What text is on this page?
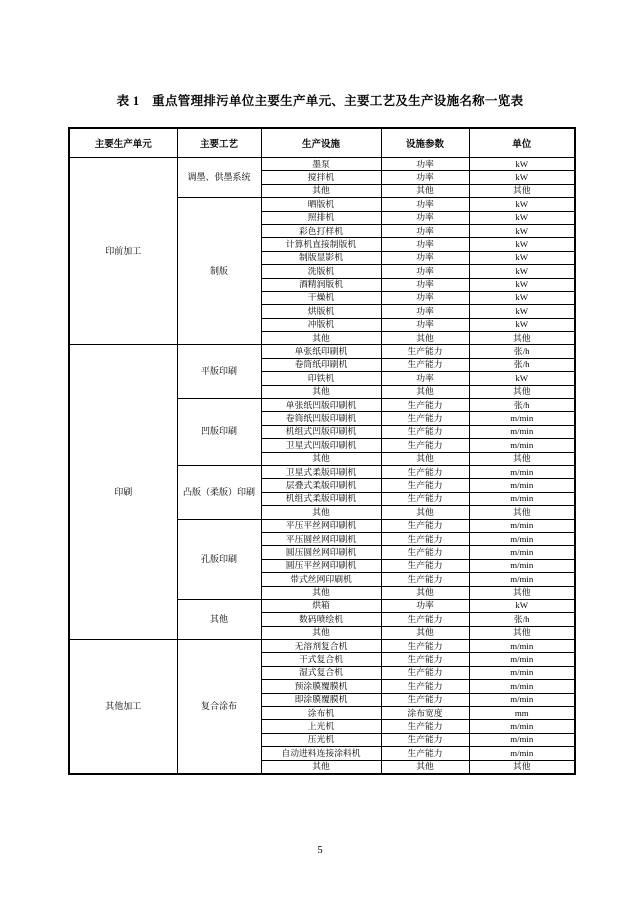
表 1　重点管理排污单位主要生产单元、主要工艺及生产设施名称一览表
主要生产单元	主要工艺	生产设施	设施参数	单位
印前加工	调墨、供墨系统	墨泵	功率	kW
		搅拌机	功率	kW
		其他	其他	其他
	制版	晒版机	功率	kW
		照排机	功率	kW
		彩色打样机	功率	kW
		计算机直接制版机	功率	kW
		制版显影机	功率	kW
		洗版机	功率	kW
		酒精润版机	功率	kW
		干燥机	功率	kW
		烘版机	功率	kW
		冲版机	功率	kW
		其他	其他	其他
印刷	平版印刷	单张纸印刷机	生产能力	张/h
		卷筒纸印刷机	生产能力	张/h
		印铁机	功率	kW
		其他	其他	其他
	凹版印刷	单张纸凹版印刷机	生产能力	张/h
		卷筒纸凹版印刷机	生产能力	m/min
		机组式凹版印刷机	生产能力	m/min
		卫星式凹版印刷机	生产能力	m/min
		其他	其他	其他
	凸版（柔版）印刷	卫星式柔版印刷机	生产能力	m/min
		层叠式柔版印刷机	生产能力	m/min
		机组式柔版印刷机	生产能力	m/min
		其他	其他	其他
	孔版印刷	平压平丝网印刷机	生产能力	m/min
		平压圆丝网印刷机	生产能力	m/min
		圆压圆丝网印刷机	生产能力	m/min
		圆压平丝网印刷机	生产能力	m/min
		带式丝网印刷机	生产能力	m/min
		其他	其他	其他
	其他	烘箱	功率	kW
		数码喷绘机	生产能力	张/h
		其他	其他	其他
其他加工	复合涂布	无溶剂复合机	生产能力	m/min
		干式复合机	生产能力	m/min
		湿式复合机	生产能力	m/min
		预涂膜覆膜机	生产能力	m/min
		即涂膜覆膜机	生产能力	m/min
		涂布机	涂布宽度	mm
		上光机	生产能力	m/min
		压光机	生产能力	m/min
		自动进料连接涂料机	生产能力	m/min
		其他	其他	其他
5
